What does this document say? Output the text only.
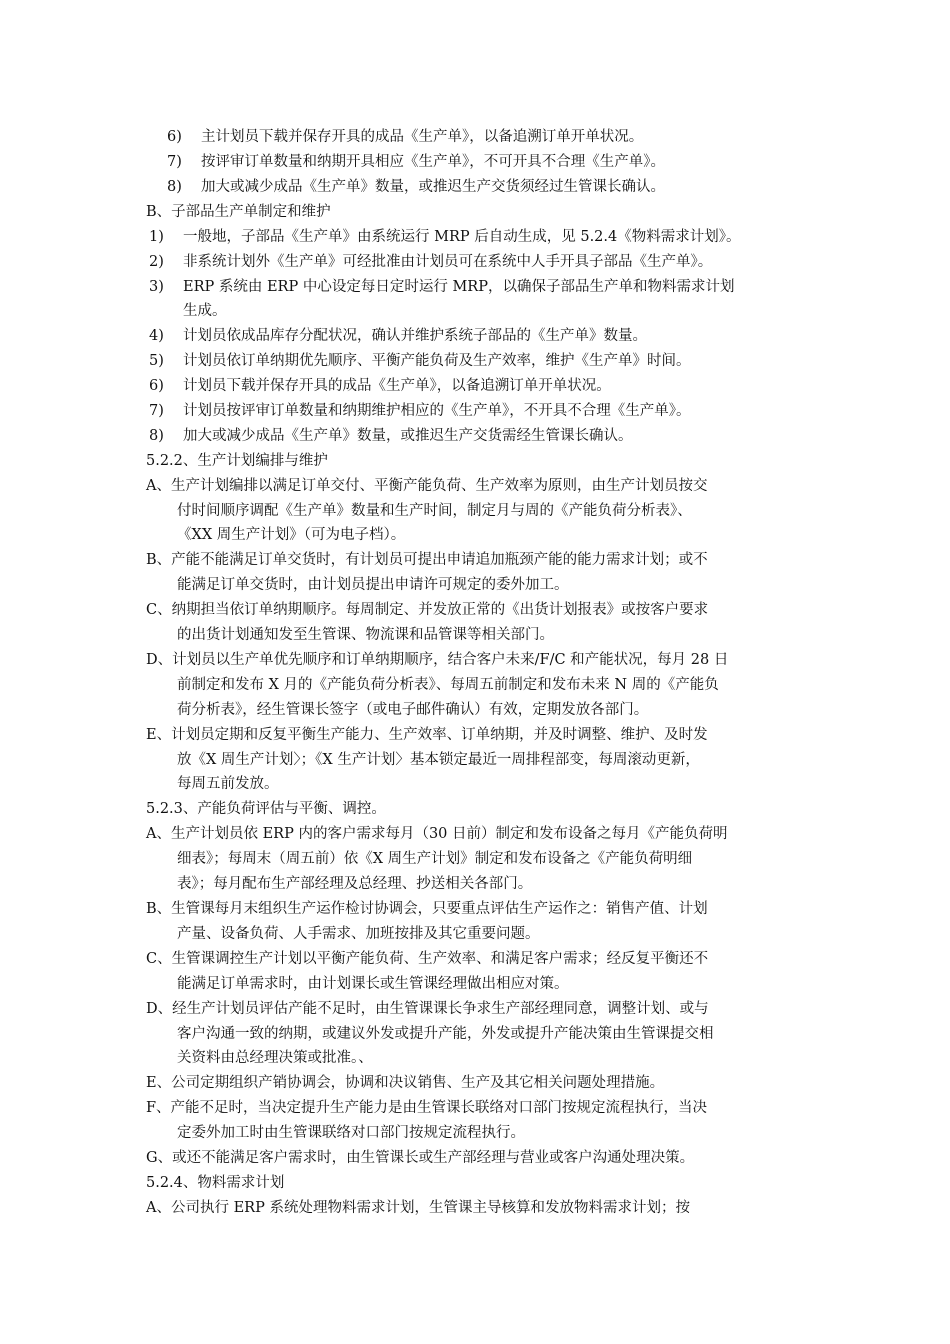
6) 主计划员下载并保存开具的成品《生产单》，以备追溯订单开单状况。
7) 按评审订单数量和纳期开具相应《生产单》，不可开具不合理《生产单》。
8) 加大或减少成品《生产单》数量，或推迟生产交货须经过生管课长确认。
B、子部品生产单制定和维护
1) 一般地，子部品《生产单》由系统运行 MRP 后自动生成，见 5.2.4《物料需求计划》。
2) 非系统计划外《生产单》可经批准由计划员可在系统中人手开具子部品《生产单》。
3) ERP 系统由 ERP 中心设定每日定时运行 MRP，以确保子部品生产单和物料需求计划
生成。
4) 计划员依成品库存分配状况，确认并维护系统子部品的《生产单》数量。
5) 计划员依订单纳期优先顺序、平衡产能负荷及生产效率，维护《生产单》时间。
6) 计划员下载并保存开具的成品《生产单》，以备追溯订单开单状况。
7) 计划员按评审订单数量和纳期维护相应的《生产单》，不开具不合理《生产单》。
8) 加大或减少成品《生产单》数量，或推迟生产交货需经生管课长确认。
5.2.2、生产计划编排与维护
A、生产计划编排以满足订单交付、平衡产能负荷、生产效率为原则，由生产计划员按交
付时间顺序调配《生产单》数量和生产时间，制定月与周的《产能负荷分析表》、
《XX 周生产计划》（可为电子档）。
B、产能不能满足订单交货时，有计划员可提出申请追加瓶颈产能的能力需求计划；或不
能满足订单交货时，由计划员提出申请许可规定的委外加工。
C、纳期担当依订单纳期顺序。每周制定、并发放正常的《出货计划报表》或按客户要求
的出货计划通知发至生管课、物流课和品管课等相关部门。
D、计划员以生产单优先顺序和订单纳期顺序，结合客户未来/F/C 和产能状况，每月 28 日
前制定和发布 X 月的《产能负荷分析表》、每周五前制定和发布未来 N 周的《产能负
荷分析表》，经生管课长签字（或电子邮件确认）有效，定期发放各部门。
E、计划员定期和反复平衡生产能力、生产效率、订单纳期，并及时调整、维护、及时发
放《X 周生产计划〉；《X 生产计划〉基本锁定最近一周排程部变，每周滚动更新，
每周五前发放。
5.2.3、产能负荷评估与平衡、调控。
A、生产计划员依 ERP 内的客户需求每月（30 日前）制定和发布设备之每月《产能负荷明
细表》；每周末（周五前）依《X 周生产计划》制定和发布设备之《产能负荷明细
表》；每月配布生产部经理及总经理、抄送相关各部门。
B、生管课每月末组织生产运作检讨协调会，只要重点评估生产运作之：销售产值、计划
产量、设备负荷、人手需求、加班按排及其它重要问题。
C、生管课调控生产计划以平衡产能负荷、生产效率、和满足客户需求；经反复平衡还不
能满足订单需求时，由计划课长或生管课经理做出相应对策。
D、经生产计划员评估产能不足时，由生管课课长争求生产部经理同意，调整计划、或与
客户沟通一致的纳期，或建议外发或提升产能，外发或提升产能决策由生管课提交相
关资料由总经理决策或批准。、
E、公司定期组织产销协调会，协调和决议销售、生产及其它相关问题处理措施。
F、产能不足时，当决定提升生产能力是由生管课长联络对口部门按规定流程执行，当决
定委外加工时由生管课联络对口部门按规定流程执行。
G、或还不能满足客户需求时，由生管课长或生产部经理与营业或客户沟通处理决策。
5.2.4、物料需求计划
A、公司执行 ERP 系统处理物料需求计划，生管课主导核算和发放物料需求计划；按
